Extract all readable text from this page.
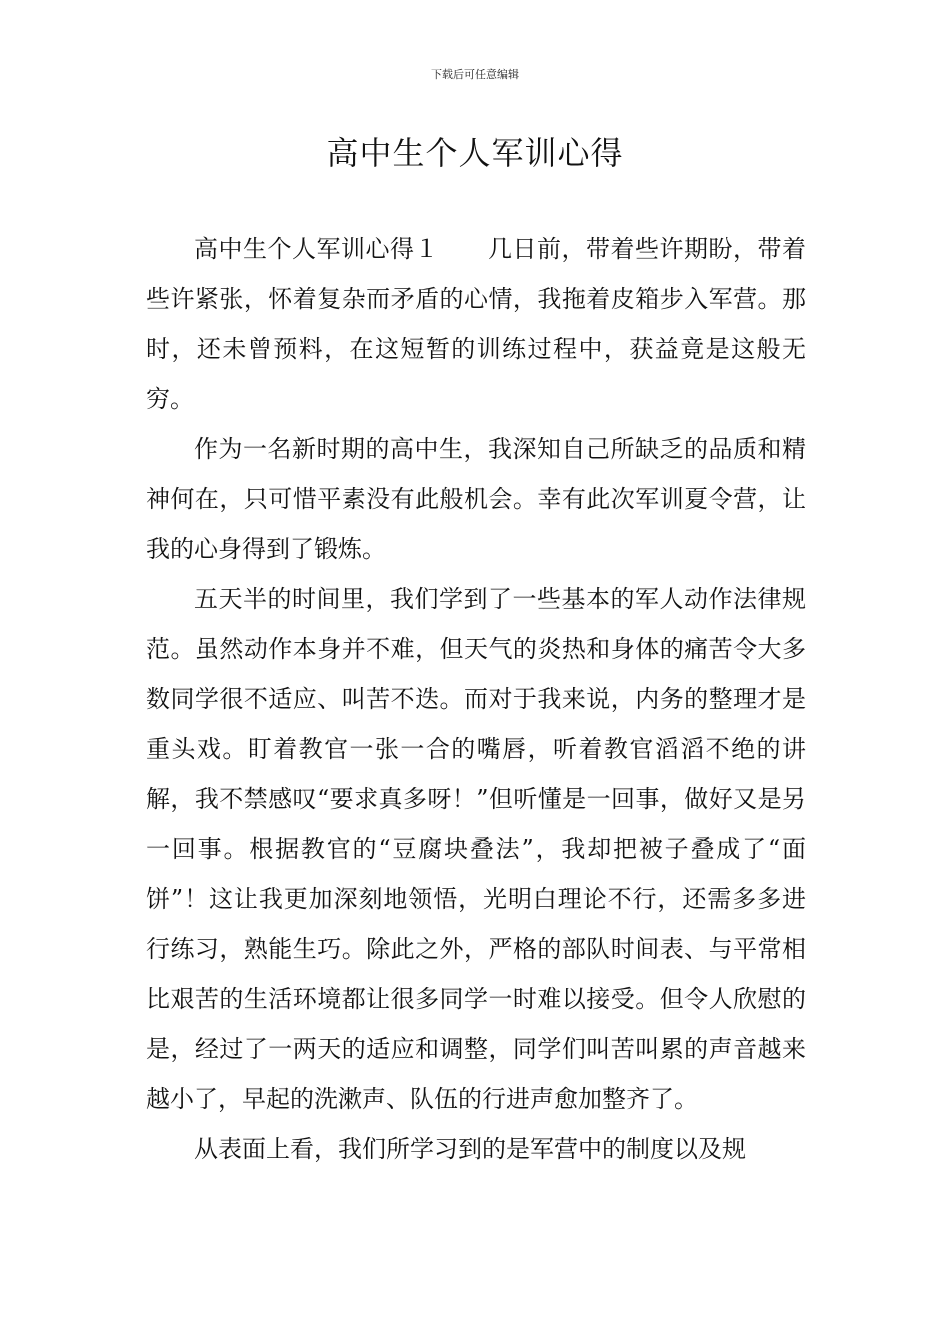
下载后可任意编辑
高中生个人军训心得

高中生个人军训心得１　　几日前，带着些许期盼，带着些许紧张，怀着复杂而矛盾的心情，我拖着皮箱步入军营。那时，还未曾预料，在这短暂的训练过程中，获益竟是这般无穷。

作为一名新时期的高中生，我深知自己所缺乏的品质和精神何在，只可惜平素没有此般机会。幸有此次军训夏令营，让我的心身得到了锻炼。

五天半的时间里，我们学到了一些基本的军人动作法律规范。虽然动作本身并不难，但天气的炎热和身体的痛苦令大多数同学很不适应、叫苦不迭。而对于我来说，内务的整理才是重头戏。盯着教官一张一合的嘴唇，听着教官滔滔不绝的讲解，我不禁感叹“要求真多呀！”但听懂是一回事，做好又是另一回事。根据教官的“豆腐块叠法”，我却把被子叠成了“面饼”！这让我更加深刻地领悟，光明白理论不行，还需多多进行练习，熟能生巧。除此之外，严格的部队时间表、与平常相比艰苦的生活环境都让很多同学一时难以接受。但令人欣慰的是，经过了一两天的适应和调整，同学们叫苦叫累的声音越来越小了，早起的洗漱声、队伍的行进声愈加整齐了。

从表面上看，我们所学习到的是军营中的制度以及规
